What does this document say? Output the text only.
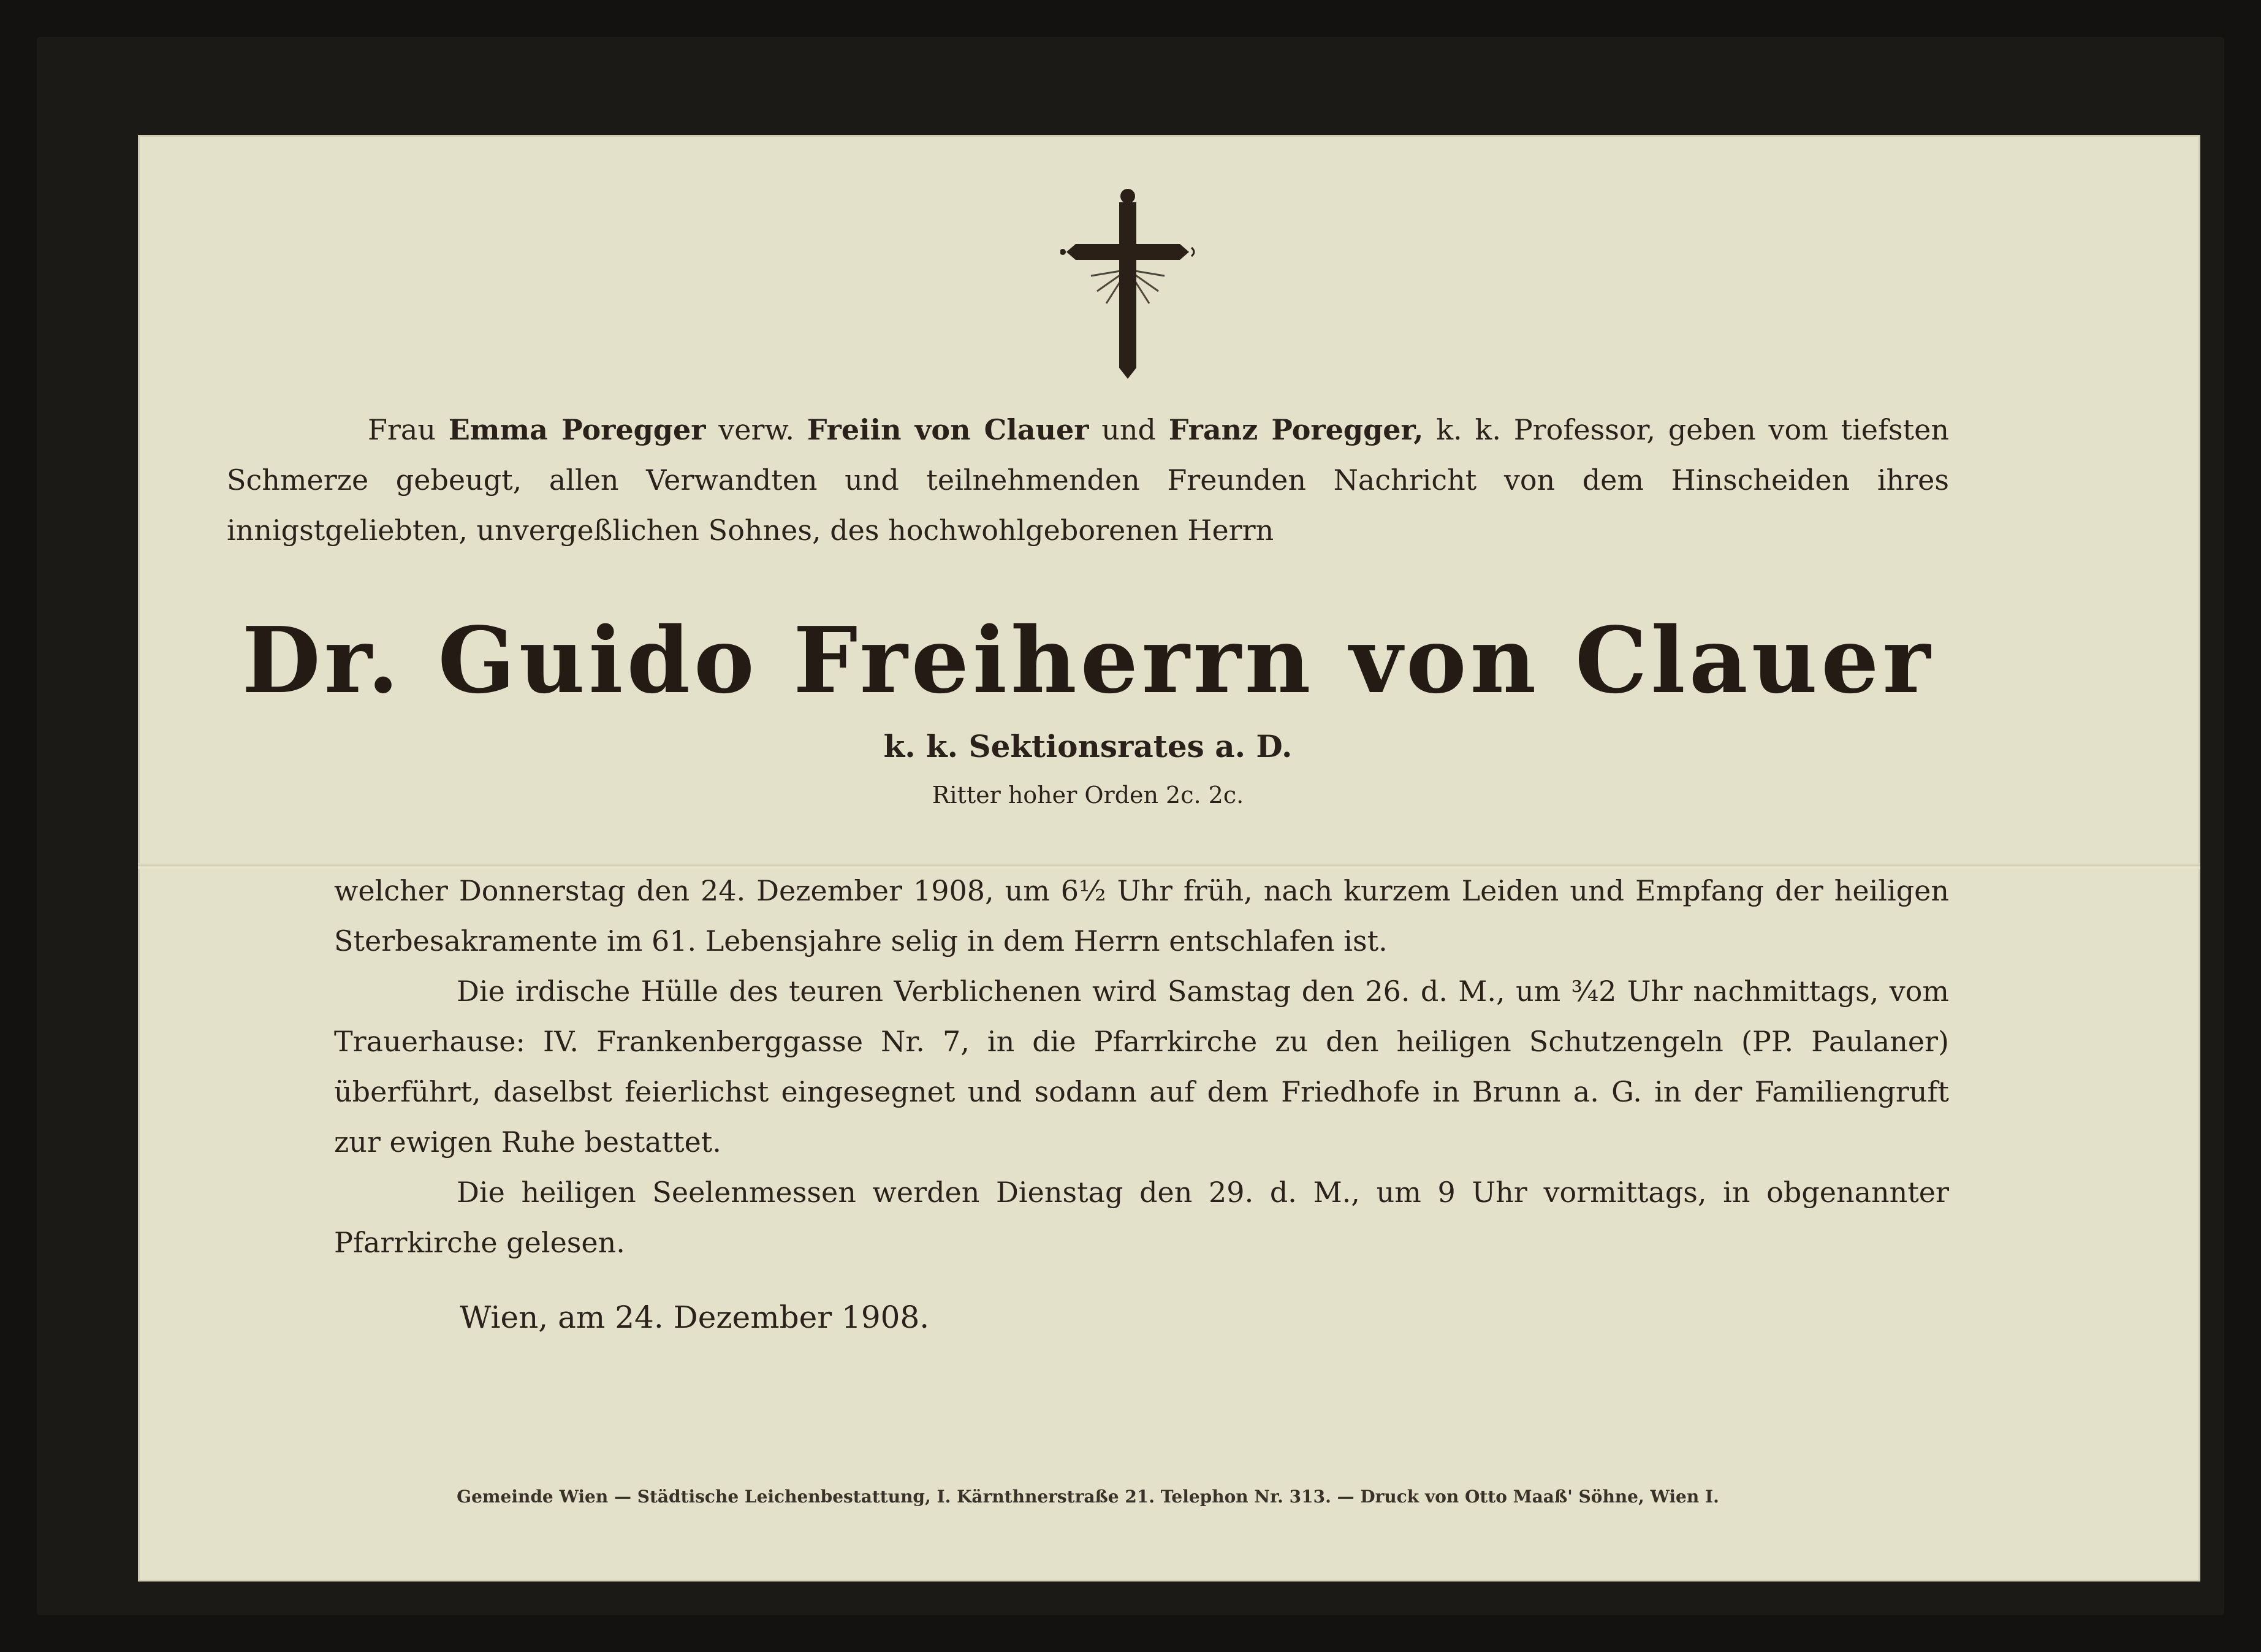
Frau Emma Poregger verw. Freiin von Clauer und Franz Poregger, k. k. Professor, geben vom tiefsten Schmerze gebeugt, allen Verwandten und teilnehmenden Freunden Nachricht von dem Hinscheiden ihres innigstgeliebten, unvergeßlichen Sohnes, des hochwohlgeborenen Herrn

Dr. Guido Freiherrn von Clauer
k. k. Sektionsrates a. D.
Ritter hoher Orden 2c. 2c.

welcher Donnerstag den 24. Dezember 1908, um 6½ Uhr früh, nach kurzem Leiden und Empfang der heiligen Sterbesakramente im 61. Lebensjahre selig in dem Herrn entschlafen ist.

Die irdische Hülle des teuren Verblichenen wird Samstag den 26. d. M., um ¾2 Uhr nachmittags, vom Trauerhause: IV. Frankenberggasse Nr. 7, in die Pfarrkirche zu den heiligen Schutzengeln (PP. Paulaner) überführt, daselbst feierlichst eingesegnet und sodann auf dem Friedhofe in Brunn a. G. in der Familiengruft zur ewigen Ruhe bestattet.

Die heiligen Seelenmessen werden Dienstag den 29. d. M., um 9 Uhr vormittags, in obgenannter Pfarrkirche gelesen.

Wien, am 24. Dezember 1908.
Gemeinde Wien — Städtische Leichenbestattung, I. Kärnthnerstraße 21. Telephon Nr. 313. — Druck von Otto Maaß' Söhne, Wien I.
